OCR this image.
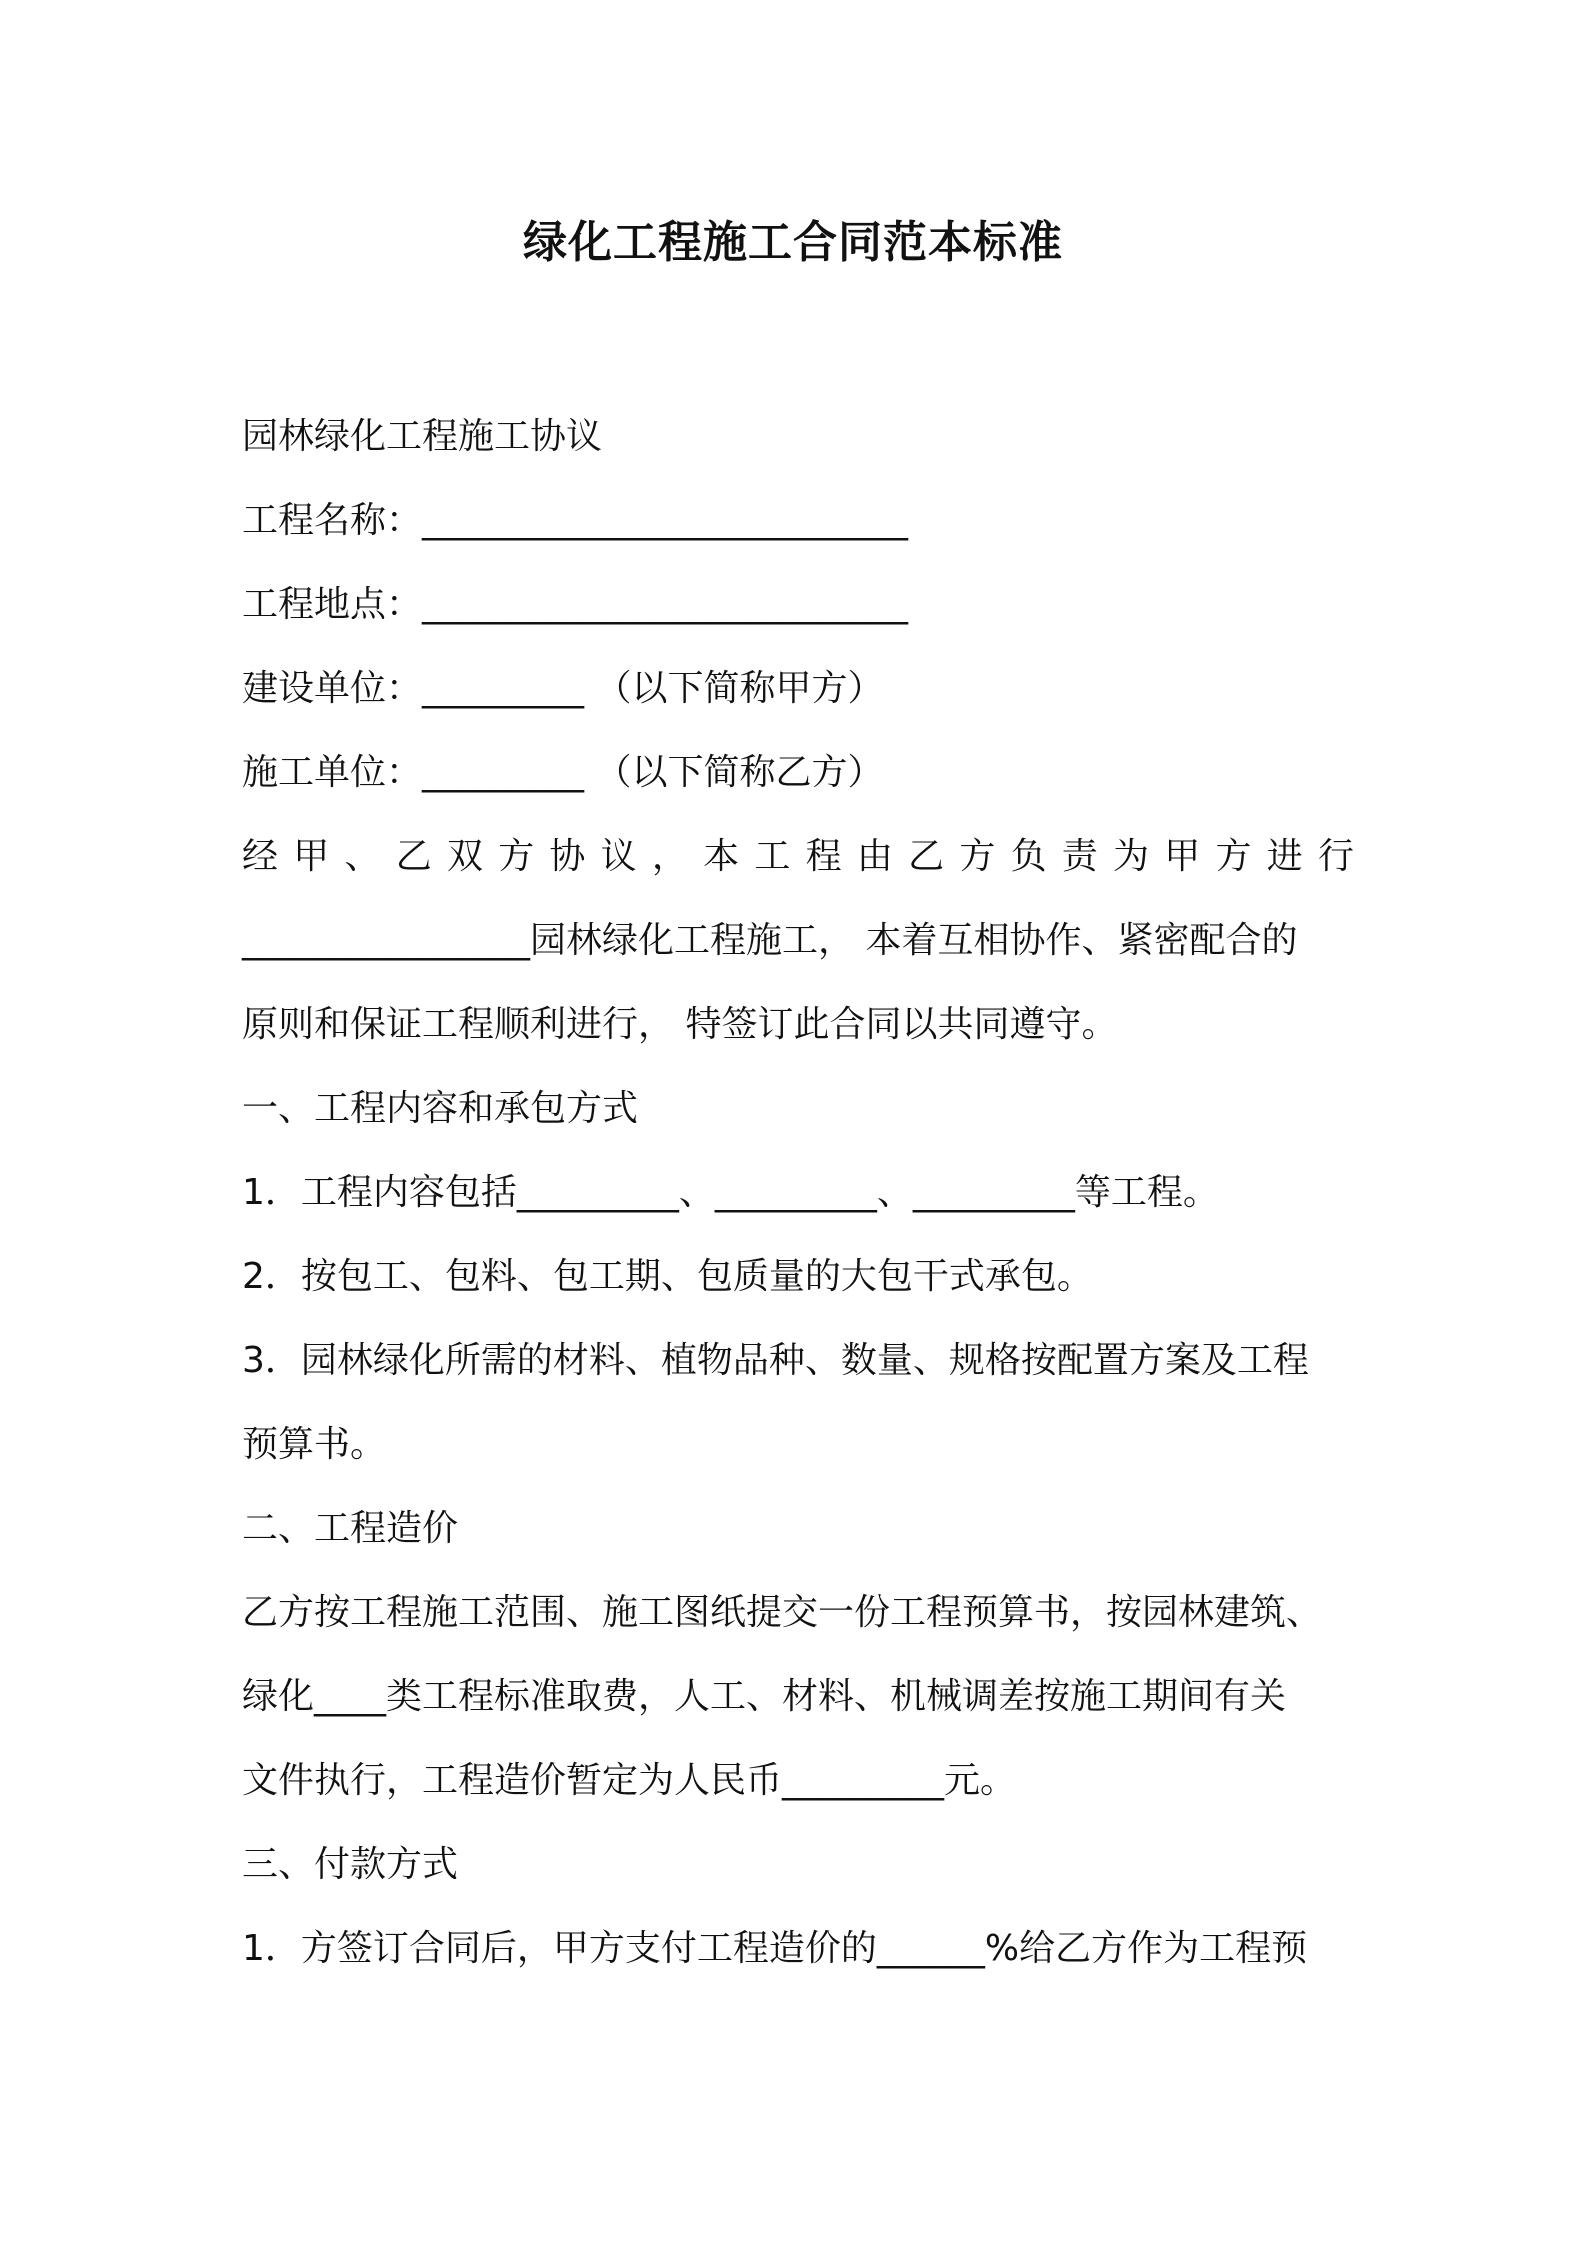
绿化工程施工合同范本标准

园林绿化工程施工协议

工程名称：___________________________

工程地点：___________________________

建设单位：_________ （以下简称甲方）

施工单位：_________ （以下简称乙方）

经 甲 、 乙 双 方 协 议 ， 本 工 程 由 乙 方 负 责 为 甲 方 进 行

________________园林绿化工程施工， 本着互相协作、紧密配合的

原则和保证工程顺利进行， 特签订此合同以共同遵守。

一、工程内容和承包方式

1．工程内容包括_________、_________、_________等工程。

2．按包工、包料、包工期、包质量的大包干式承包。

3．园林绿化所需的材料、植物品种、数量、规格按配置方案及工程

预算书。

二、工程造价

乙方按工程施工范围、施工图纸提交一份工程预算书，按园林建筑、

绿化____类工程标准取费，人工、材料、机械调差按施工期间有关

文件执行，工程造价暂定为人民币_________元。

三、付款方式

1．方签订合同后，甲方支付工程造价的______%给乙方作为工程预
